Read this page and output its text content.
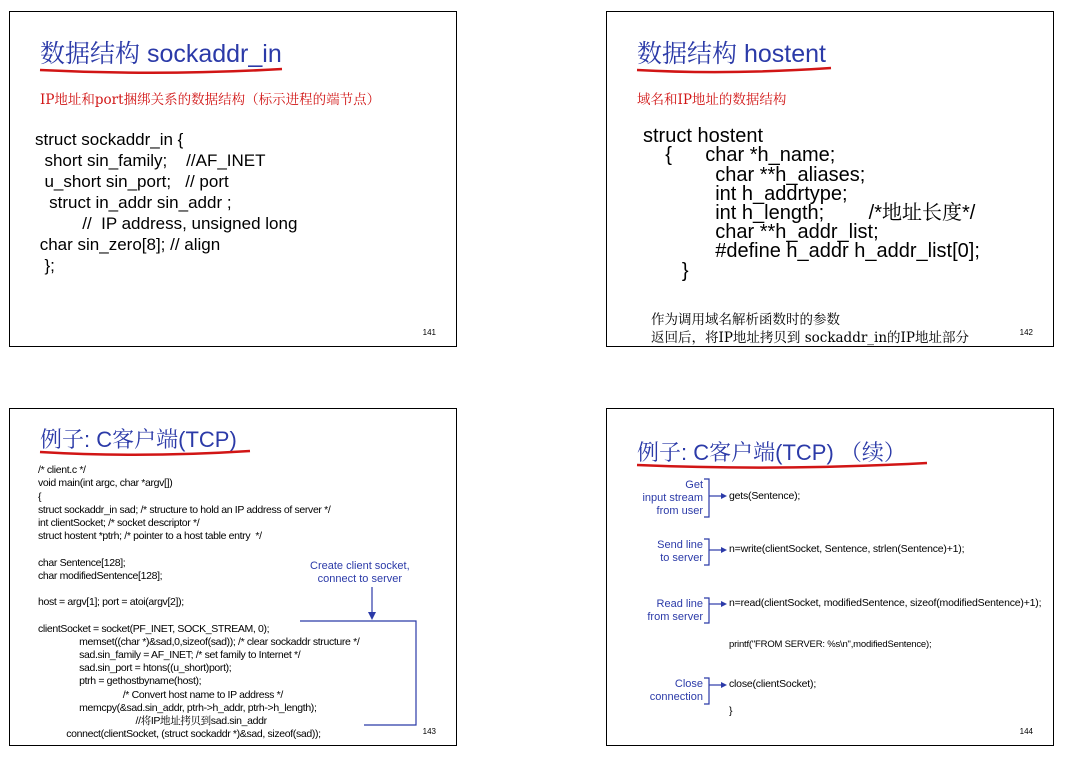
数据结构 sockaddr_in
IP地址和port捆绑关系的数据结构（标示进程的端节点）

struct sockaddr_in {
short sin_family;    //AF_INET
u_short sin_port;   // port
struct in_addr sin_addr ;
//  IP address, unsigned long
char sin_zero[8]; // align
};

141
数据结构 hostent
域名和IP地址的数据结构

struct hostent
{      char *h_name;
char **h_aliases;
int h_addrtype;
int h_length;        /*地址长度*/
char **h_addr_list;
#define h_addr h_addr_list[0];
}

作为调用域名解析函数时的参数
返回后，将IP地址拷贝到 sockaddr_in的IP地址部分

	142
例子: C客户端(TCP)

/* client.c */
void main(int argc, char *argv[])
{
struct sockaddr_in sad; /* structure to hold an IP address of server */
int clientSocket; /* socket descriptor */
struct hostent *ptrh; /* pointer to a host table entry  */

char Sentence[128];
char modifiedSentence[128];

host = argv[1]; port = atoi(argv[2]);

clientSocket = socket(PF_INET, SOCK_STREAM, 0);
memset((char *)&sad,0,sizeof(sad)); /* clear sockaddr structure */
sad.sin_family = AF_INET; /* set family to Internet */
sad.sin_port = htons((u_short)port);
ptrh = gethostbyname(host);
/* Convert host name to IP address */
memcpy(&sad.sin_addr, ptrh->h_addr, ptrh->h_length);
//将IP地址拷贝到sad.sin_addr
connect(clientSocket, (struct sockaddr *)&sad, sizeof(sad));

Create client socket,
connect to server
143
例子: C客户端(TCP) （续）
Get
input stream
from user
gets(Sentence);
Send line
to server
n=write(clientSocket, Sentence, strlen(Sentence)+1);
Read line
from server
n=read(clientSocket, modifiedSentence, sizeof(modifiedSentence)+1);
printf("FROM SERVER: %s\n",modifiedSentence);
Close
connection
close(clientSocket);
}
144
